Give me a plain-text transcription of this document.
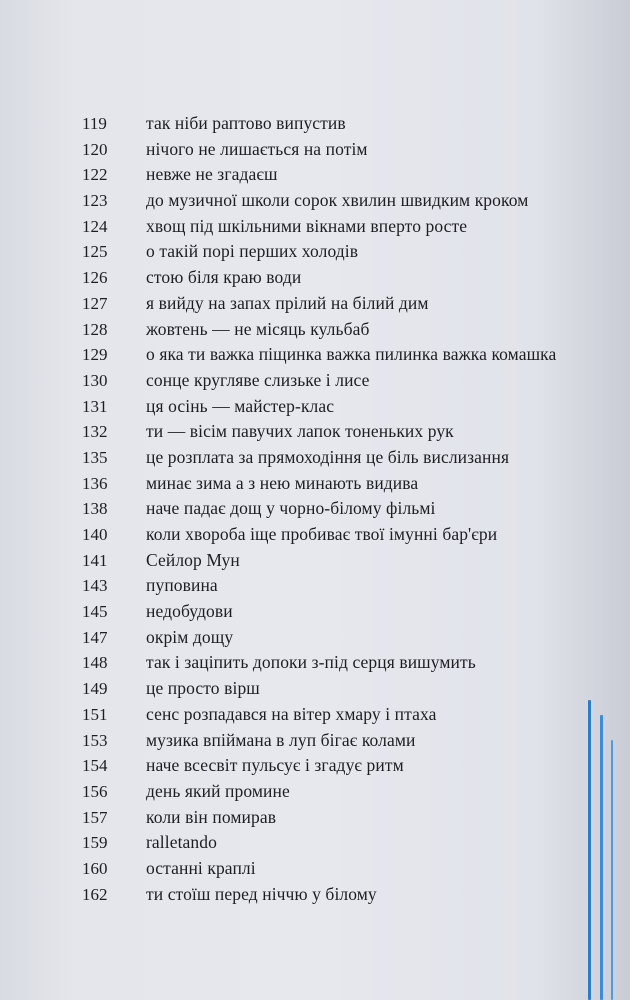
119	так ніби раптово випустив
120	нічого не лишається на потім
122	невже не згадаєш
123	до музичної школи сорок хвилин швидким кроком
124	хвощ під шкільними вікнами вперто росте
125	о такій порі перших холодів
126	стою біля краю води
127	я вийду на запах прілий на білий дим
128	жовтень — не місяць кульбаб
129	о яка ти важка піщинка важка пилинка важка комашка
130	сонце кругляве слизьке і лисе
131	ця осінь — майстер-клас
132	ти — вісім павучих лапок тоненьких рук
135	це розплата за прямоходіння це біль вислизання
136	минає зима а з нею минають видива
138	наче падає дощ у чорно-білому фільмі
140	коли хвороба іще пробиває твої імунні бар'єри
141	Сейлор Мун
143	пуповина
145	недобудови
147	окрім дощу
148	так і заціпить допоки з-під серця вишумить
149	це просто вірш
151	сенс розпадався на вітер хмару і птаха
153	музика впіймана в луп бігає колами
154	наче всесвіт пульсує і згадує ритм
156	день який промине
157	коли він помирав
159	ralletando
160	останні краплі
162	ти стоїш перед ніччю у білому
